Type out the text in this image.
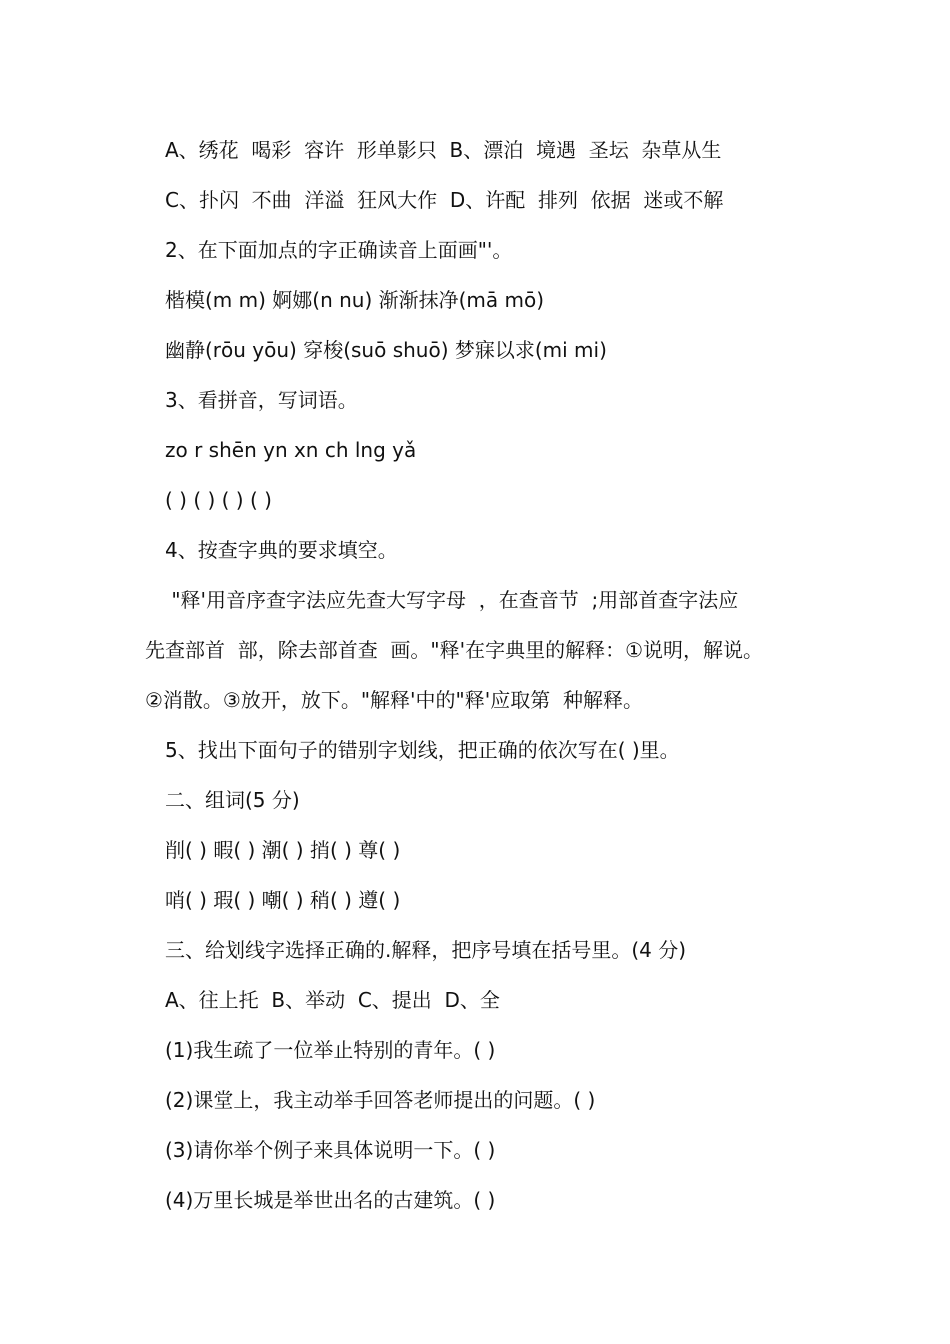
A、绣花  喝彩  容许  形单影只  B、漂泊  境遇  圣坛  杂草从生
C、扑闪  不曲  洋溢  狂风大作  D、许配  排列  依据  迷或不解
2、在下面加点的字正确读音上面画"'。
楷模(m m) 婀娜(n nu) 渐渐抹净(mā mō)
幽静(rōu yōu) 穿梭(suō shuō) 梦寐以求(mi mi)
3、看拼音，写词语。
zo r shēn yn xn ch lng yǎ
( ) ( ) ( ) ( )
4、按查字典的要求填空。
"释'用音序查字法应先查大写字母  ，在查音节  ;用部首查字法应
先查部首  部，除去部首查  画。"释'在字典里的解释：①说明，解说。
②消散。③放开，放下。"解释'中的"释'应取第  种解释。
5、找出下面句子的错别字划线，把正确的依次写在( )里。
二、组词(5 分)
削( ) 暇( ) 潮( ) 捎( ) 尊( )
哨( ) 瑕( ) 嘲( ) 稍( ) 遵( )
三、给划线字选择正确的.解释，把序号填在括号里。(4 分)
A、往上托  B、举动  C、提出  D、全
(1)我生疏了一位举止特别的青年。( )
(2)课堂上，我主动举手回答老师提出的问题。( )
(3)请你举个例子来具体说明一下。( )
(4)万里长城是举世出名的古建筑。( )
